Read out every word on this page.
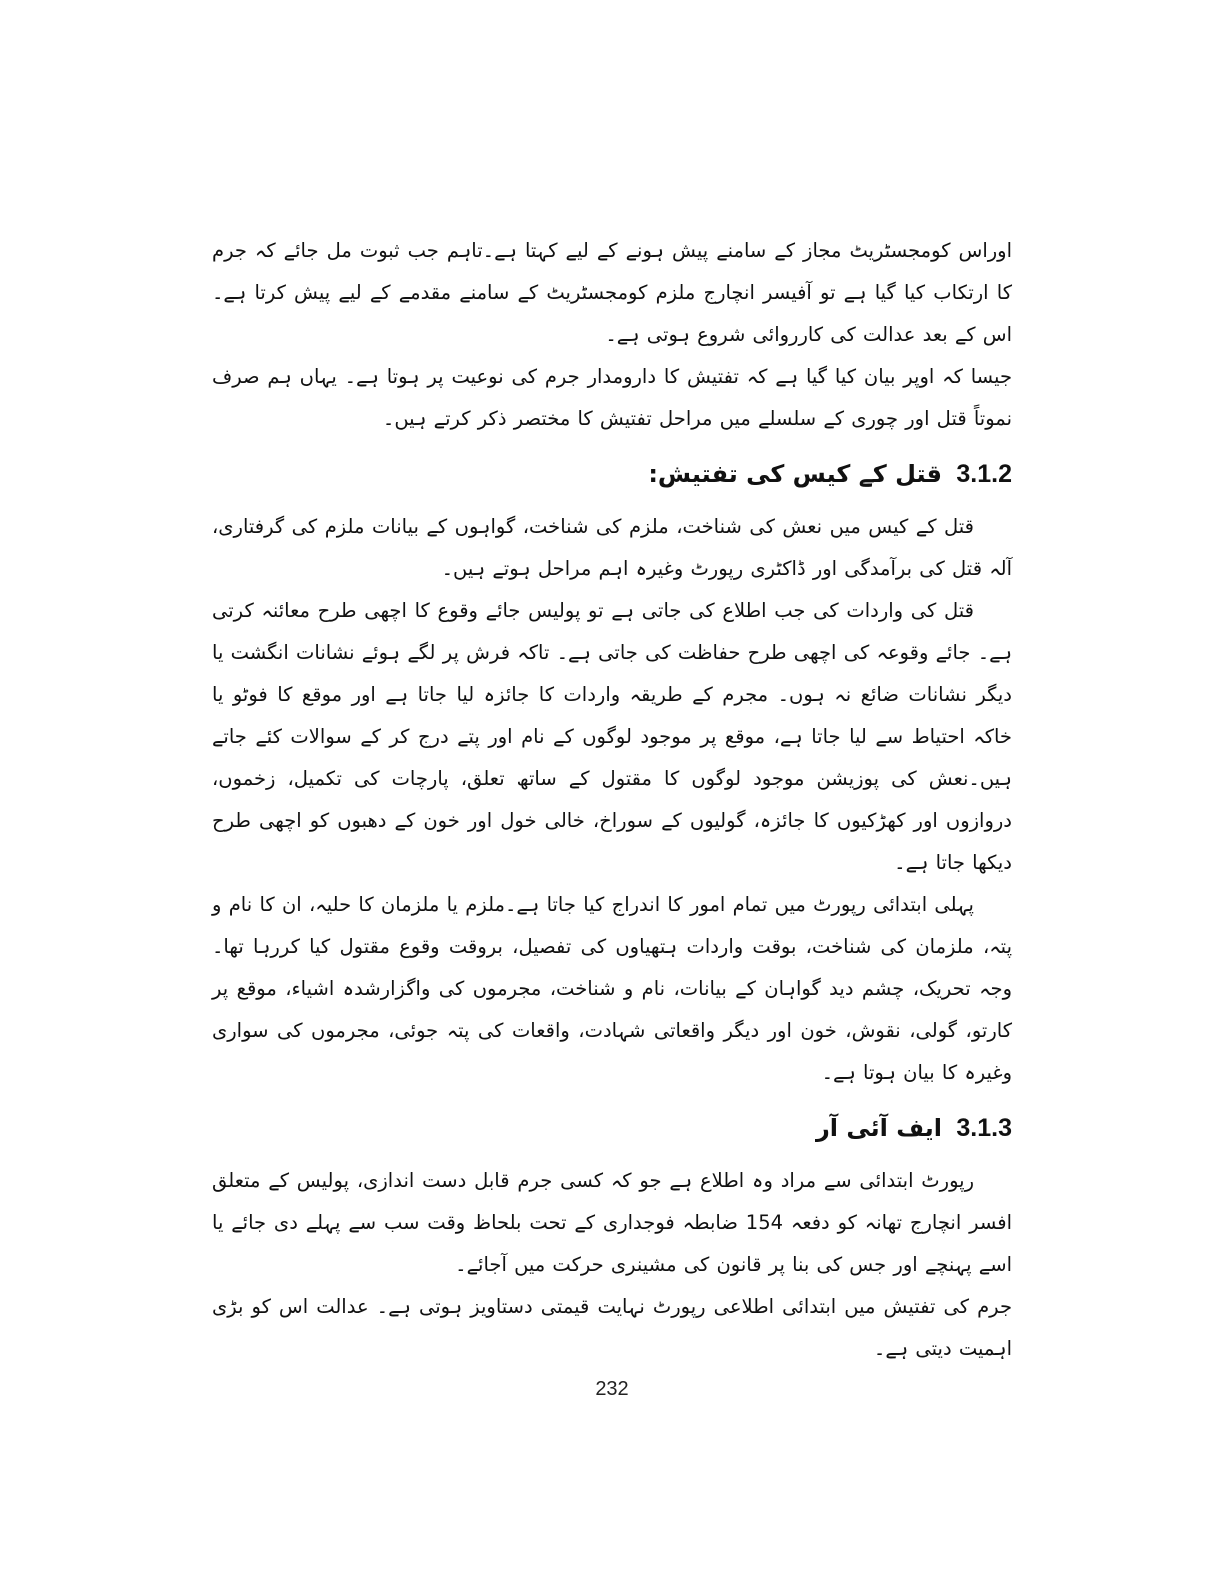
اوراس کومجسٹریٹ مجاز کے سامنے پیش ہونے کے لیے کہتا ہے۔تاہم جب ثبوت مل جائے کہ جرم کا ارتکاب کیا گیا ہے تو آفیسر انچارج ملزم کومجسٹریٹ کے سامنے مقدمے کے لیے پیش کرتا ہے۔اس کے بعد عدالت کی کارروائی شروع ہوتی ہے۔

جیسا کہ اوپر بیان کیا گیا ہے کہ تفتیش کا دارومدار جرم کی نوعیت پر ہوتا ہے۔ یہاں ہم صرف نموتاً قتل اور چوری کے سلسلے میں مراحل تفتیش کا مختصر ذکر کرتے ہیں۔

3.1.2 قتل کے کیس کی تفتیش:

قتل کے کیس میں نعش کی شناخت، ملزم کی شناخت، گواہوں کے بیانات ملزم کی گرفتاری، آلہ قتل کی برآمدگی اور ڈاکٹری رپورٹ وغیرہ اہم مراحل ہوتے ہیں۔

قتل کی واردات کی جب اطلاع کی جاتی ہے تو پولیس جائے وقوع کا اچھی طرح معائنہ کرتی ہے۔ جائے وقوعہ کی اچھی طرح حفاظت کی جاتی ہے۔ تاکہ فرش پر لگے ہوئے نشانات انگشت یا دیگر نشانات ضائع نہ ہوں۔ مجرم کے طریقہ واردات کا جائزہ لیا جاتا ہے اور موقع کا فوٹو یا خاکہ احتیاط سے لیا جاتا ہے، موقع پر موجود لوگوں کے نام اور پتے درج کر کے سوالات کئے جاتے ہیں۔نعش کی پوزیشن موجود لوگوں کا مقتول کے ساتھ تعلق، پارچات کی تکمیل، زخموں، دروازوں اور کھڑکیوں کا جائزہ، گولیوں کے سوراخ، خالی خول اور خون کے دھبوں کو اچھی طرح دیکھا جاتا ہے۔

پہلی ابتدائی رپورٹ میں تمام امور کا اندراج کیا جاتا ہے۔ملزم یا ملزمان کا حلیہ، ان کا نام و پتہ، ملزمان کی شناخت، بوقت واردات ہتھیاوں کی تفصیل، بروقت وقوع مقتول کیا کررہا تھا۔وجہ تحریک، چشم دید گواہان کے بیانات، نام و شناخت، مجرموں کی واگزارشدہ اشیاء، موقع پر کارتو، گولی، نقوش، خون اور دیگر واقعاتی شہادت، واقعات کی پتہ جوئی، مجرموں کی سواری وغیرہ کا بیان ہوتا ہے۔

3.1.3 ایف آئی آر

رپورٹ ابتدائی سے مراد وہ اطلاع ہے جو کہ کسی جرم قابل دست اندازی، پولیس کے متعلق افسر انچارج تھانہ کو دفعہ 154 ضابطہ فوجداری کے تحت بلحاظ وقت سب سے پہلے دی جائے یا اسے پہنچے اور جس کی بنا پر قانون کی مشینری حرکت میں آجائے۔

جرم کی تفتیش میں ابتدائی اطلاعی رپورٹ نہایت قیمتی دستاویز ہوتی ہے۔ عدالت اس کو بڑی اہمیت دیتی ہے۔

232
